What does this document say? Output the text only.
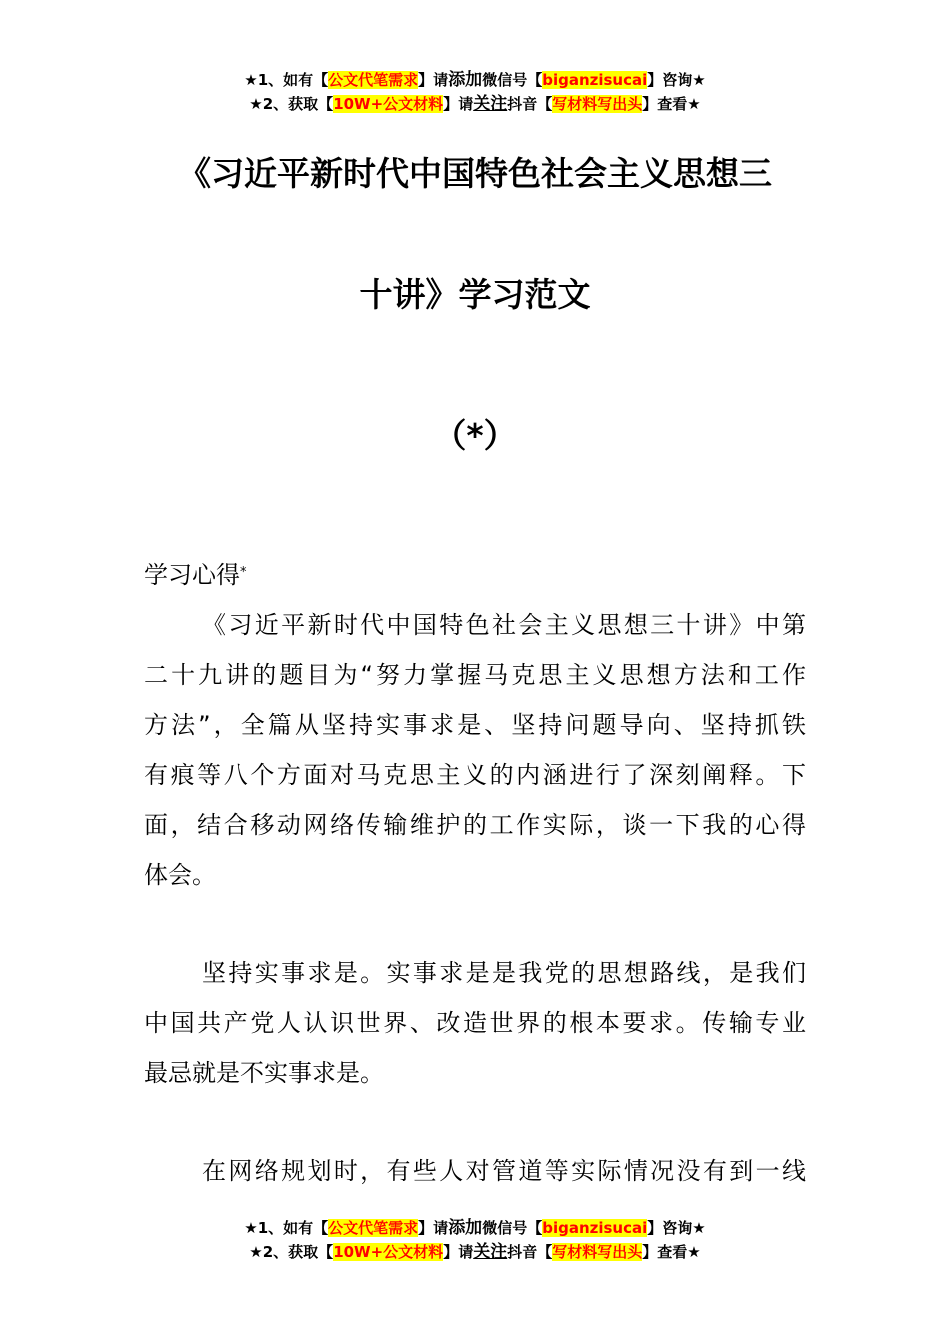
★1、如有【公文代笔需求】请添加微信号【biganzisucai】咨询★
★2、获取【10W+公文材料】请关注抖音【写材料写出头】查看★
《习近平新时代中国特色社会主义思想三
十讲》学习范文
（*）
学习心得*
《习近平新时代中国特色社会主义思想三十讲》中第
二十九讲的题目为“努力掌握马克思主义思想方法和工作
方法”，全篇从坚持实事求是、坚持问题导向、坚持抓铁
有痕等八个方面对马克思主义的内涵进行了深刻阐释。下
面，结合移动网络传输维护的工作实际，谈一下我的心得
体会。
坚持实事求是。实事求是是我党的思想路线，是我们
中国共产党人认识世界、改造世界的根本要求。传输专业
最忌就是不实事求是。
在网络规划时，有些人对管道等实际情况没有到一线
★1、如有【公文代笔需求】请添加微信号【biganzisucai】咨询★
★2、获取【10W+公文材料】请关注抖音【写材料写出头】查看★
